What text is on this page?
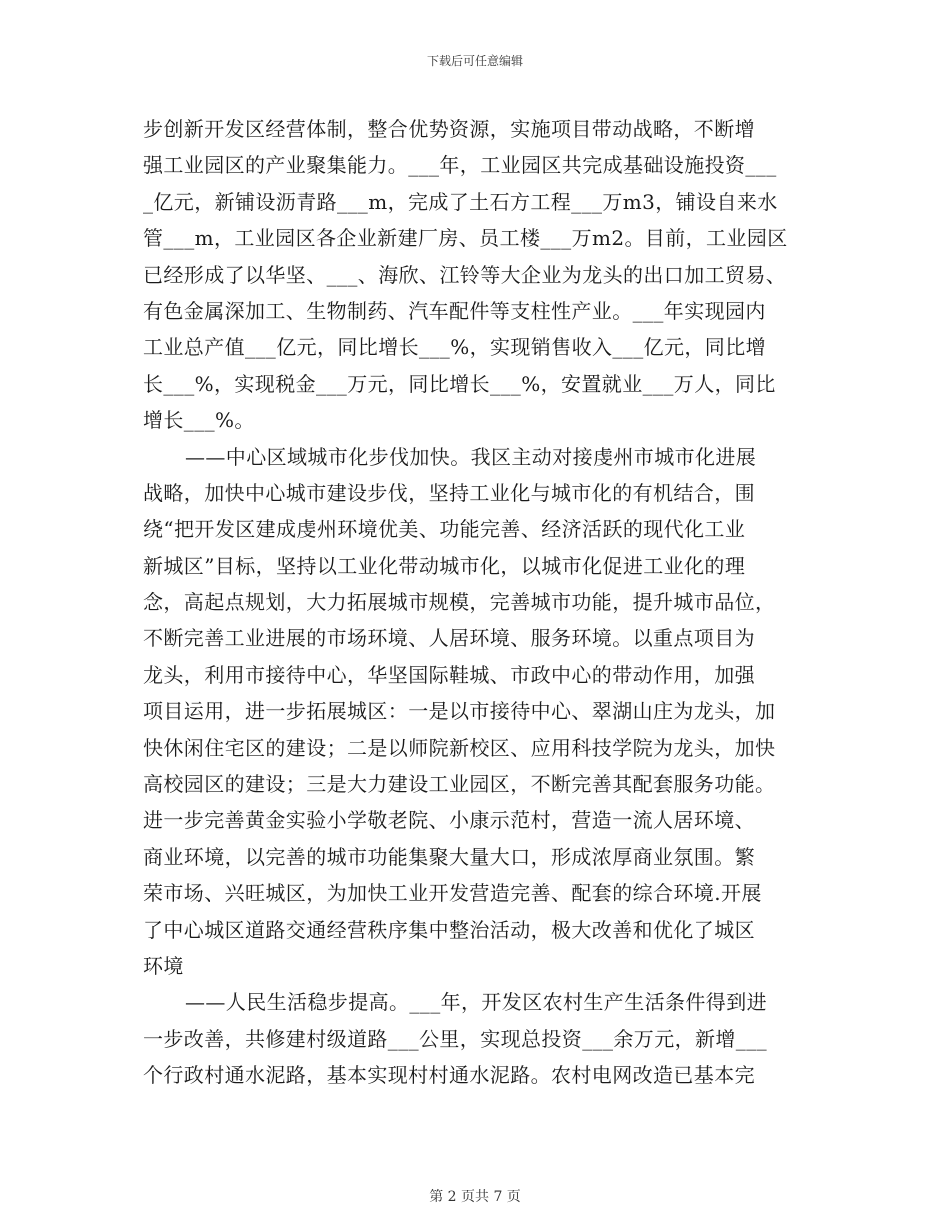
下载后可任意编辑
步创新开发区经营体制，整合优势资源，实施项目带动战略，不断增
强工业园区的产业聚集能力。___年，工业园区共完成基础设施投资___
_亿元，新铺设沥青路___m，完成了土石方工程___万m3，铺设自来水
管___m，工业园区各企业新建厂房、员工楼___万m2。目前，工业园区
已经形成了以华坚、___、海欣、江铃等大企业为龙头的出口加工贸易、
有色金属深加工、生物制药、汽车配件等支柱性产业。___年实现园内
工业总产值___亿元，同比增长___%，实现销售收入___亿元，同比增
长___%，实现税金___万元，同比增长___%，安置就业___万人，同比
增长___%。
——中心区域城市化步伐加快。我区主动对接虔州市城市化进展
战略，加快中心城市建设步伐，坚持工业化与城市化的有机结合，围
绕“把开发区建成虔州环境优美、功能完善、经济活跃的现代化工业
新城区”目标，坚持以工业化带动城市化，以城市化促进工业化的理
念，高起点规划，大力拓展城市规模，完善城市功能，提升城市品位，
不断完善工业进展的市场环境、人居环境、服务环境。以重点项目为
龙头，利用市接待中心，华坚国际鞋城、市政中心的带动作用，加强
项目运用，进一步拓展城区：一是以市接待中心、翠湖山庄为龙头，加
快休闲住宅区的建设；二是以师院新校区、应用科技学院为龙头，加快
高校园区的建设；三是大力建设工业园区，不断完善其配套服务功能。
进一步完善黄金实验小学敬老院、小康示范村，营造一流人居环境、
商业环境，以完善的城市功能集聚大量大口，形成浓厚商业氛围。繁
荣市场、兴旺城区，为加快工业开发营造完善、配套的综合环境.开展
了中心城区道路交通经营秩序集中整治活动，极大改善和优化了城区
环境
——人民生活稳步提高。___年，开发区农村生产生活条件得到进
一步改善，共修建村级道路___公里，实现总投资___余万元，新增___
个行政村通水泥路，基本实现村村通水泥路。农村电网改造已基本完
第 2 页共 7 页
